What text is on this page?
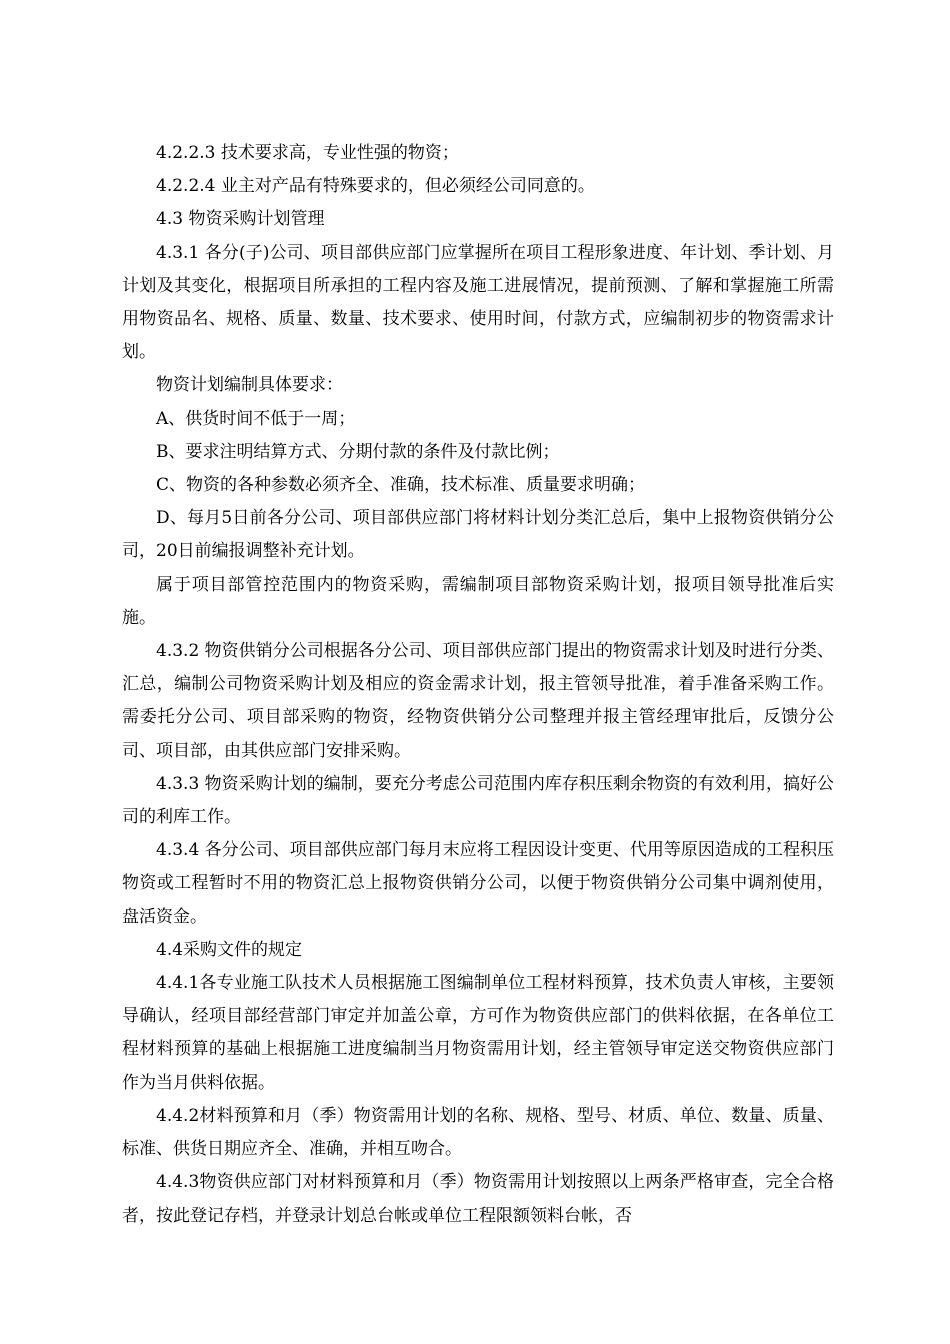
4.2.2.3 技术要求高，专业性强的物资；

4.2.2.4 业主对产品有特殊要求的，但必须经公司同意的。

4.3 物资采购计划管理

4.3.1 各分(子)公司、项目部供应部门应掌握所在项目工程形象进度、年计划、季计划、月计划及其变化，根据项目所承担的工程内容及施工进展情况，提前预测、了解和掌握施工所需用物资品名、规格、质量、数量、技术要求、使用时间，付款方式，应编制初步的物资需求计划。

物资计划编制具体要求：

A、供货时间不低于一周；

B、要求注明结算方式、分期付款的条件及付款比例；

C、物资的各种参数必须齐全、准确，技术标准、质量要求明确；

D、每月5日前各分公司、项目部供应部门将材料计划分类汇总后，集中上报物资供销分公司，20日前编报调整补充计划。

属于项目部管控范围内的物资采购，需编制项目部物资采购计划，报项目领导批准后实施。

4.3.2 物资供销分公司根据各分公司、项目部供应部门提出的物资需求计划及时进行分类、汇总，编制公司物资采购计划及相应的资金需求计划，报主管领导批准，着手准备采购工作。需委托分公司、项目部采购的物资，经物资供销分公司整理并报主管经理审批后，反馈分公司、项目部，由其供应部门安排采购。

4.3.3 物资采购计划的编制，要充分考虑公司范围内库存积压剩余物资的有效利用，搞好公司的利库工作。

4.3.4 各分公司、项目部供应部门每月末应将工程因设计变更、代用等原因造成的工程积压物资或工程暂时不用的物资汇总上报物资供销分公司，以便于物资供销分公司集中调剂使用，盘活资金。

4.4采购文件的规定

4.4.1各专业施工队技术人员根据施工图编制单位工程材料预算，技术负责人审核，主要领导确认，经项目部经营部门审定并加盖公章，方可作为物资供应部门的供料依据，在各单位工程材料预算的基础上根据施工进度编制当月物资需用计划，经主管领导审定送交物资供应部门作为当月供料依据。

4.4.2材料预算和月（季）物资需用计划的名称、规格、型号、材质、单位、数量、质量、标准、供货日期应齐全、准确，并相互吻合。

4.4.3物资供应部门对材料预算和月（季）物资需用计划按照以上两条严格审查，完全合格者，按此登记存档，并登录计划总台帐或单位工程限额领料台帐，否
